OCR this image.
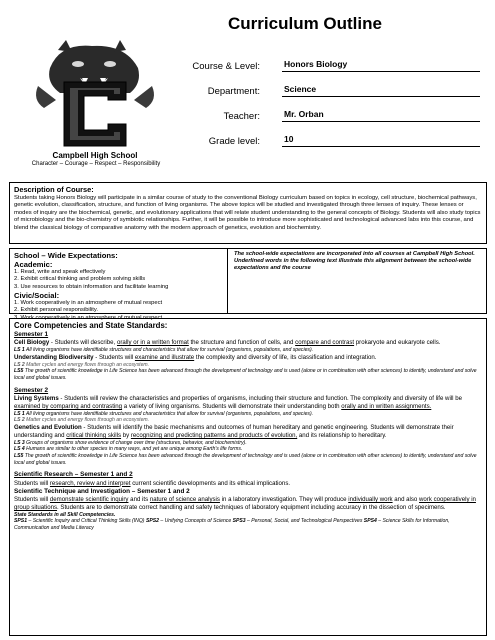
Curriculum Outline
Campbell High School
Character – Courage – Respect – Responsibility
Course & Level:	Honors Biology
Department:	Science
Teacher:	Mr. Orban
Grade level:	10

Description of Course:

Students taking Honors Biology will participate in a similar course of study to the conventional Biology curriculum based on topics in ecology, cell structure, biochemical pathways, genetic evolution, classification, structure, and function of living organisms. The above topics will be studied and investigated through three lenses of inquiry. These lenses or modes of inquiry are the biochemical, genetic, and evolutionary applications that will relate student understanding to the general concepts of Biology. Students will also study topics of microbiology and the bio-chemistry of symbiotic relationships. Further, it will be possible to introduce more sophisticated and technological advanced labs into this course, and blend the classical biology of comparative anatomy with the modern approach of genetics, evolution and biochemistry.

School – Wide Expectations:

Academic:

1. Read, write and speak effectively

2. Exhibit critical thinking and problem solving skills

3. Use resources to obtain information and facilitate learning

Civic/Social:

1. Work cooperatively in an atmosphere of mutual respect

2. Exhibit personal responsibility.

3. Work cooperatively in an atmosphere of mutual respect

The school-wide expectations are incorporated into all courses at Campbell High School. Underlined words in the following text illustrate this alignment between the school-wide expectations and the course

Core Competencies and State Standards:

Semester 1

Cell Biology - Students will describe, orally or in a written format the structure and function of cells, and compare and contrast prokaryote and eukaryote cells.

LS 1 All living organisms have identifiable structures and characteristics that allow for survival (organisms, populations, and species).

Understanding Biodiversity - Students will examine and illustrate the complexity and diversity of life, its classification and integration.

LS 2 Matter cycles and energy flows through an ecosystem.

LS5 The growth of scientific knowledge in Life Science has been advanced through the development of technology and is used (alone or in combination with other sciences) to identify, understand and solve local and global issues.

Semester 2

Living Systems - Students will review the characteristics and properties of organisms, including their structure and function. The complexity and diversity of life will be examined by comparing and contrasting a variety of living organisms. Students will demonstrate their understanding both orally and in written assignments.

LS 1 All living organisms have identifiable structures and characteristics that allow for survival (organisms, populations, and species).

LS 2 Matter cycles and energy flows through an ecosystem.

Genetics and Evolution - Students will identify the basic mechanisms and outcomes of human hereditary and genetic engineering. Students will demonstrate their understanding and critical thinking skills by recognizing and predicting patterns and products of evolution, and its relationship to hereditary.

LS 3 Groups of organisms show evidence of change over time (structures, behavior, and biochemistry).

LS 4 Humans are similar to other species in many ways, and yet are unique among Earth's life forms.

LS5 The growth of scientific knowledge in Life Science has been advanced through the development of technology and is used (alone or in combination with other sciences) to identify, understand and solve local and global issues.

Scientific Research – Semester 1 and 2

Students will research, review and interpret current scientific developments and its ethical implications.

Scientific Technique and Investigation – Semester 1 and 2

Students will demonstrate scientific inquiry and its nature of science analysis in a laboratory investigation. They will produce individually work and also work cooperatively in group situations. Students are to demonstrate correct handling and safety techniques of laboratory equipment including accuracy in the dissection of specimens.

State Standards in all Skill Competencies.

SPS1 – Scientific Inquiry and Critical Thinking Skills (INQ) SPS2 – Unifying Concepts of Science SPS3 – Personal, Social, and Technological Perspectives SPS4 – Science Skills for Information, Communication and Media Literacy
